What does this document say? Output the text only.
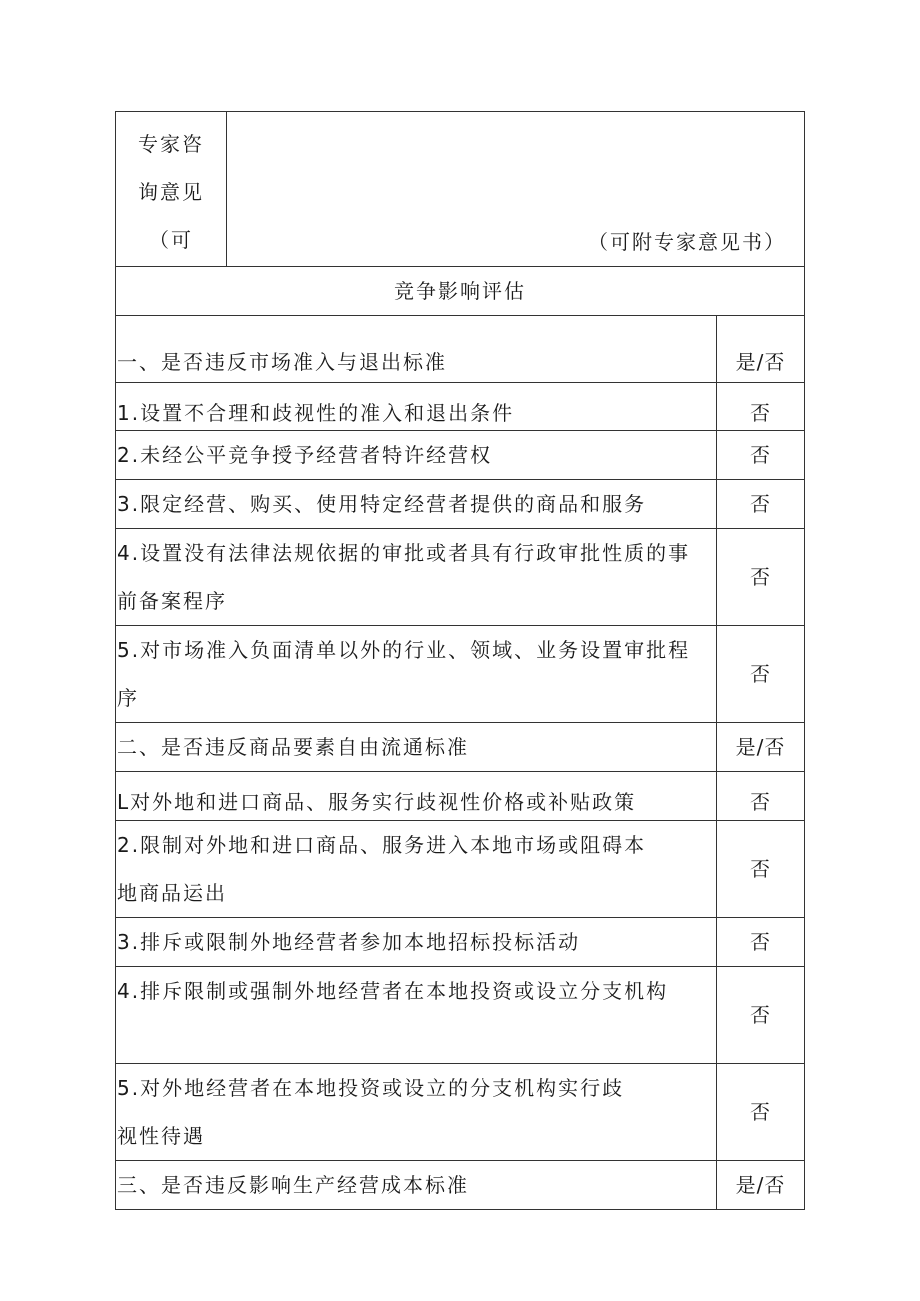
专家咨
询意见
（可	（可附专家意见书）	
竞争影响评估		
一、是否违反市场准入与退出标准		是/否
1.设置不合理和歧视性的准入和退出条件		否
2.未经公平竞争授予经营者特许经营权		否
3.限定经营、购买、使用特定经营者提供的商品和服务		否

4.设置没有法律法规依据的审批或者具有行政审批性质的事
前备案程序		否

5.对市场准入负面清单以外的行业、领域、业务设置审批程
序		否
二、是否违反商品要素自由流通标准		是/否
L对外地和进口商品、服务实行歧视性价格或补贴政策		否

2.限制对外地和进口商品、服务进入本地市场或阻碍本
地商品运出		否
3.排斥或限制外地经营者参加本地招标投标活动		否

4.排斥限制或强制外地经营者在本地投资或设立分支机构		否

5.对外地经营者在本地投资或设立的分支机构实行歧
视性待遇		否
三、是否违反影响生产经营成本标准		是/否
